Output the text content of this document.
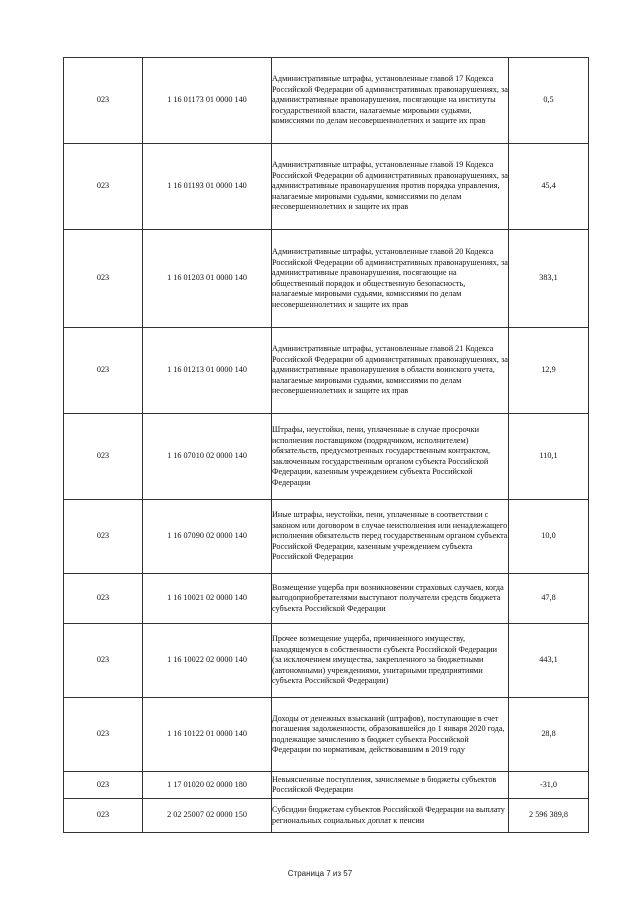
023	1 16 01173 01 0000 140	Административные штрафы, установленные главой 17 Кодекса Российской Федерации об административных правонарушениях, за административные правонарушения, посягающие на институты государственной власти, налагаемые мировыми судьями, комиссиями по делам несовершеннолетних и защите их прав	0,5
023	1 16 01193 01 0000 140	Административные штрафы, установленные главой 19 Кодекса Российской Федерации об административных правонарушениях, за административные правонарушения против порядка управления, налагаемые мировыми судьями, комиссиями по делам несовершеннолетних и защите их прав	45,4
023	1 16 01203 01 0000 140	Административные штрафы, установленные главой 20 Кодекса Российской Федерации об административных правонарушениях, за административные правонарушения, посягающие на общественный порядок и общественную безопасность, налагаемые мировыми судьями, комиссиями по делам несовершеннолетних и защите их прав	383,1
023	1 16 01213 01 0000 140	Административные штрафы, установленные главой 21 Кодекса Российской Федерации об административных правонарушениях, за административные правонарушения в области воинского учета, налагаемые мировыми судьями, комиссиями по делам несовершеннолетних и защите их прав	12,9
023	1 16 07010 02 0000 140	Штрафы, неустойки, пени, уплаченные в случае просрочки исполнения поставщиком (подрядчиком, исполнителем) обязательств, предусмотренных государственным контрактом, заключенным государственным органом субъекта Российской Федерации, казенным учреждением субъекта Российской Федерации	110,1
023	1 16 07090 02 0000 140	Иные штрафы, неустойки, пени, уплаченные в соответствии с законом или договором в случае неисполнения или ненадлежащего исполнения обязательств перед государственным органом субъекта Российской Федерации, казенным учреждением субъекта Российской Федерации	10,0
023	1 16 10021 02 0000 140	Возмещение ущерба при возникновении страховых случаев, когда выгодоприобретателями выступают получатели средств бюджета субъекта Российской Федерации	47,8
023	1 16 10022 02 0000 140	Прочее возмещение ущерба, причиненного имуществу, находящемуся в собственности субъекта Российской Федерации (за исключением имущества, закрепленного за бюджетными (автономными) учреждениями, унитарными предприятиями субъекта Российской Федерации)	443,1
023	1 16 10122 01 0000 140	Доходы от денежных взысканий (штрафов), поступающие в счет погашения задолженности, образовавшейся до 1 января 2020 года, подлежащие зачислению в бюджет субъекта Российской Федерации по нормативам, действовавшим в 2019 году	28,8
023	1 17 01020 02 0000 180	Невыясненные поступления, зачисляемые в бюджеты субъектов Российской Федерации	-31,0
023	2 02 25007 02 0000 150	Субсидии бюджетам субъектов Российской Федерации на выплату региональных социальных доплат к пенсии	2 596 389,8
Страница 7 из 57
